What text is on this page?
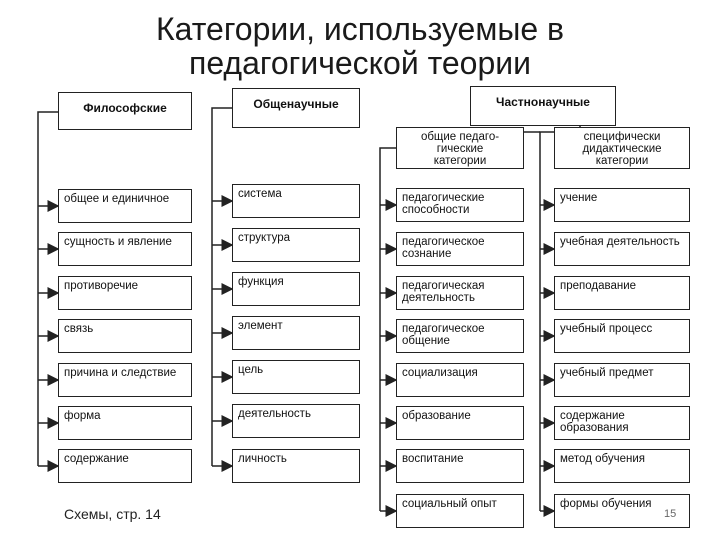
Категории, используемые в
педагогической теории
Философские
общее и единичное
сущность и явление
противоречие
связь
причина и следствие
форма
содержание
Общенаучные
система
структура
функция
элемент
цель
деятельность
личность
Частнонаучные
общие педаго-
гические
категории
специфически
дидактические
категории
педагогические способности
педагогическое сознание
педагогическая деятельность
педагогическое общение
социализация
образование
воспитание
социальный опыт
учение
учебная деятельность
преподавание
учебный процесс
учебный предмет
содержание образования
метод обучения
формы обучения
Схемы, стр. 14	15
